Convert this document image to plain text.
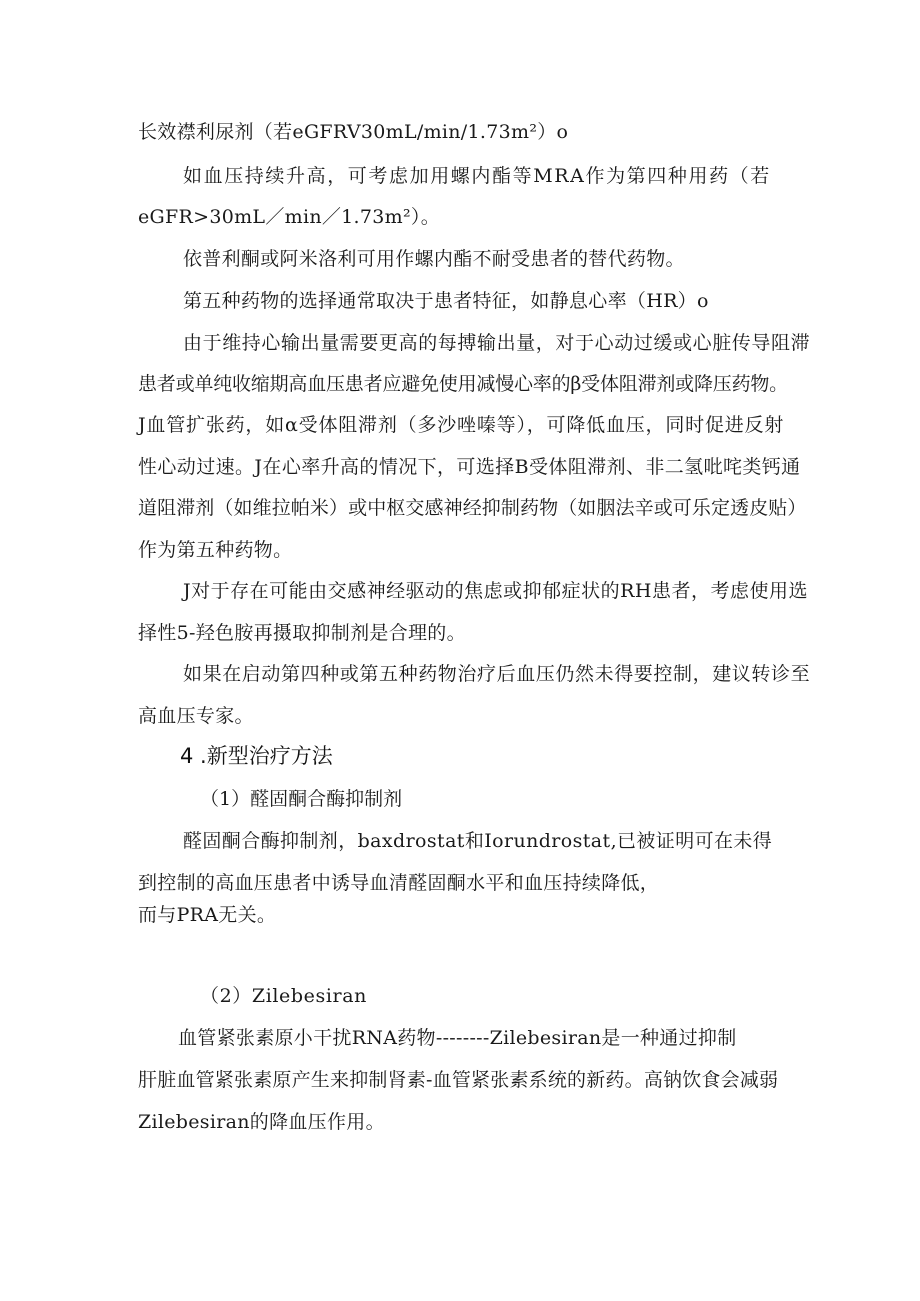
长效襟利尿剂（若eGFRV30mL/min/1.73m²）o
如血压持续升高，可考虑加用螺内酯等MRA作为第四种用药（若
eGFR>30mL／min／1.73m²）。
依普利酮或阿米洛利可用作螺内酯不耐受患者的替代药物。
第五种药物的选择通常取决于患者特征，如静息心率（HR）o
由于维持心输出量需要更高的每搏输出量，对于心动过缓或心脏传导阻滞
患者或单纯收缩期高血压患者应避免使用减慢心率的β受体阻滞剂或降压药物。
J血管扩张药，如α受体阻滞剂（多沙唑嗪等），可降低血压，同时促进反射
性心动过速。J在心率升高的情况下，可选择B受体阻滞剂、非二氢吡咤类钙通
道阻滞剂（如维拉帕米）或中枢交感神经抑制药物（如胭法辛或可乐定透皮贴）
作为第五种药物。
J对于存在可能由交感神经驱动的焦虑或抑郁症状的RH患者，考虑使用选
择性5-羟色胺再摄取抑制剂是合理的。
如果在启动第四种或第五种药物治疗后血压仍然未得要控制，建议转诊至
高血压专家。
4 .新型治疗方法
（1）醛固酮合酶抑制剂
醛固酮合酶抑制剂，baxdrostat和Iorundrostat,已被证明可在未得
到控制的高血压患者中诱导血清醛固酮水平和血压持续降低，
而与PRA无关。
（2）Zilebesiran
血管紧张素原小干扰RNA药物--------Zilebesiran是一种通过抑制
肝脏血管紧张素原产生来抑制肾素-血管紧张素系统的新药。高钠饮食会减弱
Zilebesiran的降血压作用。
